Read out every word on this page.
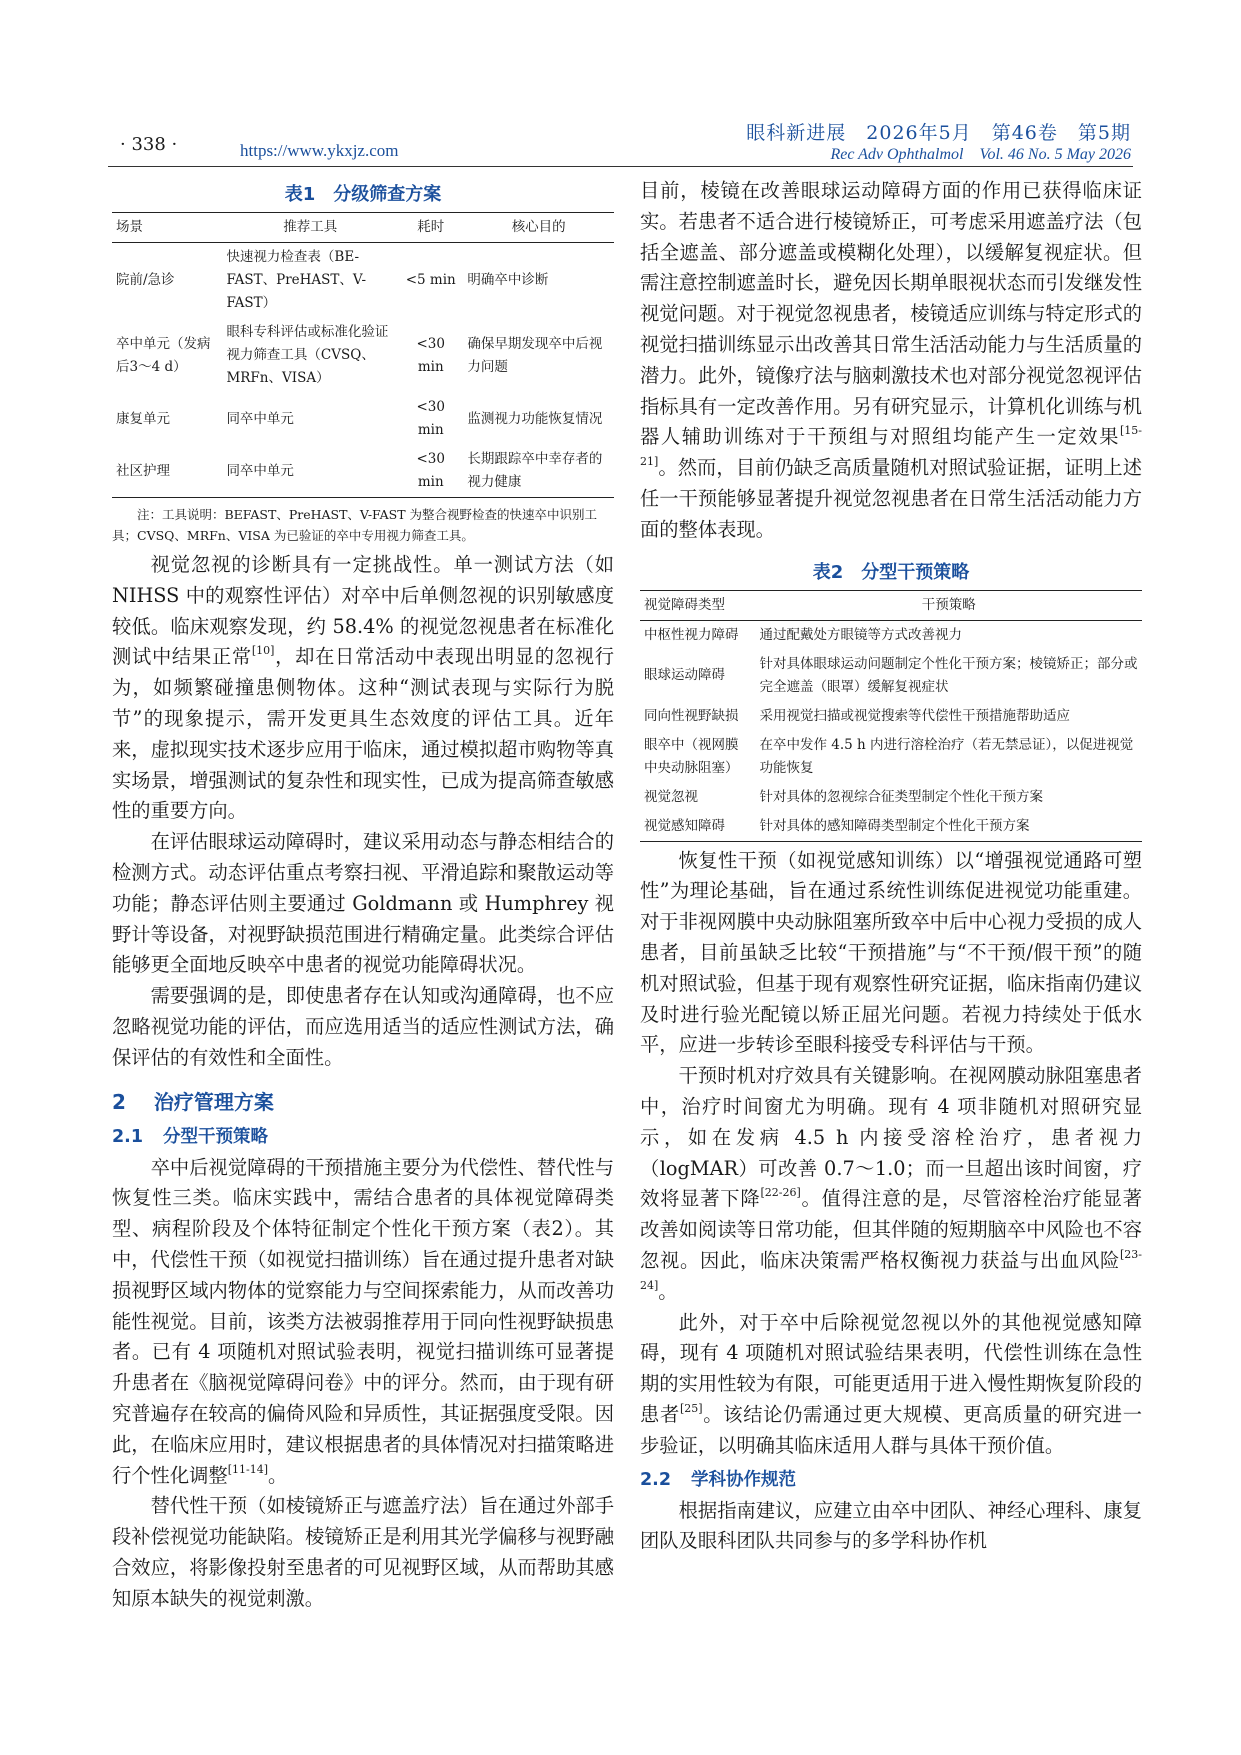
· 338 ·	https://www.ykxjz.com
眼科新进展　2026年5月　第46卷　第5期
Rec Adv Ophthalmol　Vol. 46 No. 5 May 2026
表1　分级筛查方案
场景	推荐工具	耗时	核心目的
院前/急诊	快速视力检查表（BE-FAST、PreHAST、V-FAST）	<5 min	明确卒中诊断
卒中单元（发病后3～4 d）	眼科专科评估或标准化验证视力筛查工具（CVSQ、MRFn、VISA）	<30 min	确保早期发现卒中后视力问题
康复单元	同卒中单元	<30 min	监测视力功能恢复情况
社区护理	同卒中单元	<30 min	长期跟踪卒中幸存者的视力健康
注：工具说明：BEFAST、PreHAST、V-FAST 为整合视野检查的快速卒中识别工具；CVSQ、MRFn、VISA 为已验证的卒中专用视力筛查工具。

视觉忽视的诊断具有一定挑战性。单一测试方法（如 NIHSS 中的观察性评估）对卒中后单侧忽视的识别敏感度较低。临床观察发现，约 58.4% 的视觉忽视患者在标准化测试中结果正常[10]，却在日常活动中表现出明显的忽视行为，如频繁碰撞患侧物体。这种“测试表现与实际行为脱节”的现象提示，需开发更具生态效度的评估工具。近年来，虚拟现实技术逐步应用于临床，通过模拟超市购物等真实场景，增强测试的复杂性和现实性，已成为提高筛查敏感性的重要方向。

在评估眼球运动障碍时，建议采用动态与静态相结合的检测方式。动态评估重点考察扫视、平滑追踪和聚散运动等功能；静态评估则主要通过 Goldmann 或 Humphrey 视野计等设备，对视野缺损范围进行精确定量。此类综合评估能够更全面地反映卒中患者的视觉功能障碍状况。

需要强调的是，即使患者存在认知或沟通障碍，也不应忽略视觉功能的评估，而应选用适当的适应性测试方法，确保评估的有效性和全面性。

2 治疗管理方案
2.1 分型干预策略

卒中后视觉障碍的干预措施主要分为代偿性、替代性与恢复性三类。临床实践中，需结合患者的具体视觉障碍类型、病程阶段及个体特征制定个性化干预方案（表2）。其中，代偿性干预（如视觉扫描训练）旨在通过提升患者对缺损视野区域内物体的觉察能力与空间探索能力，从而改善功能性视觉。目前，该类方法被弱推荐用于同向性视野缺损患者。已有 4 项随机对照试验表明，视觉扫描训练可显著提升患者在《脑视觉障碍问卷》中的评分。然而，由于现有研究普遍存在较高的偏倚风险和异质性，其证据强度受限。因此，在临床应用时，建议根据患者的具体情况对扫描策略进行个性化调整[11-14]。

替代性干预（如棱镜矫正与遮盖疗法）旨在通过外部手段补偿视觉功能缺陷。棱镜矫正是利用其光学偏移与视野融合效应，将影像投射至患者的可见视野区域，从而帮助其感知原本缺失的视觉刺激。

目前，棱镜在改善眼球运动障碍方面的作用已获得临床证实。若患者不适合进行棱镜矫正，可考虑采用遮盖疗法（包括全遮盖、部分遮盖或模糊化处理），以缓解复视症状。但需注意控制遮盖时长，避免因长期单眼视状态而引发继发性视觉问题。对于视觉忽视患者，棱镜适应训练与特定形式的视觉扫描训练显示出改善其日常生活活动能力与生活质量的潜力。此外，镜像疗法与脑刺激技术也对部分视觉忽视评估指标具有一定改善作用。另有研究显示，计算机化训练与机器人辅助训练对于干预组与对照组均能产生一定效果[15-21]。然而，目前仍缺乏高质量随机对照试验证据，证明上述任一干预能够显著提升视觉忽视患者在日常生活活动能力方面的整体表现。

表2　分型干预策略
视觉障碍类型	干预策略
中枢性视力障碍	通过配戴处方眼镜等方式改善视力
眼球运动障碍	针对具体眼球运动问题制定个性化干预方案；棱镜矫正；部分或完全遮盖（眼罩）缓解复视症状
同向性视野缺损	采用视觉扫描或视觉搜索等代偿性干预措施帮助适应
眼卒中（视网膜中央动脉阻塞）	在卒中发作 4.5 h 内进行溶栓治疗（若无禁忌证），以促进视觉功能恢复
视觉忽视	针对具体的忽视综合征类型制定个性化干预方案
视觉感知障碍	针对具体的感知障碍类型制定个性化干预方案

恢复性干预（如视觉感知训练）以“增强视觉通路可塑性”为理论基础，旨在通过系统性训练促进视觉功能重建。对于非视网膜中央动脉阻塞所致卒中后中心视力受损的成人患者，目前虽缺乏比较“干预措施”与“不干预/假干预”的随机对照试验，但基于现有观察性研究证据，临床指南仍建议及时进行验光配镜以矫正屈光问题。若视力持续处于低水平，应进一步转诊至眼科接受专科评估与干预。

干预时机对疗效具有关键影响。在视网膜动脉阻塞患者中，治疗时间窗尤为明确。现有 4 项非随机对照研究显示，如在发病 4.5 h 内接受溶栓治疗，患者视力（logMAR）可改善 0.7～1.0；而一旦超出该时间窗，疗效将显著下降[22-26]。值得注意的是，尽管溶栓治疗能显著改善如阅读等日常功能，但其伴随的短期脑卒中风险也不容忽视。因此，临床决策需严格权衡视力获益与出血风险[23-24]。

此外，对于卒中后除视觉忽视以外的其他视觉感知障碍，现有 4 项随机对照试验结果表明，代偿性训练在急性期的实用性较为有限，可能更适用于进入慢性期恢复阶段的患者[25]。该结论仍需通过更大规模、更高质量的研究进一步验证，以明确其临床适用人群与具体干预价值。

2.2 学科协作规范

根据指南建议，应建立由卒中团队、神经心理科、康复团队及眼科团队共同参与的多学科协作机
